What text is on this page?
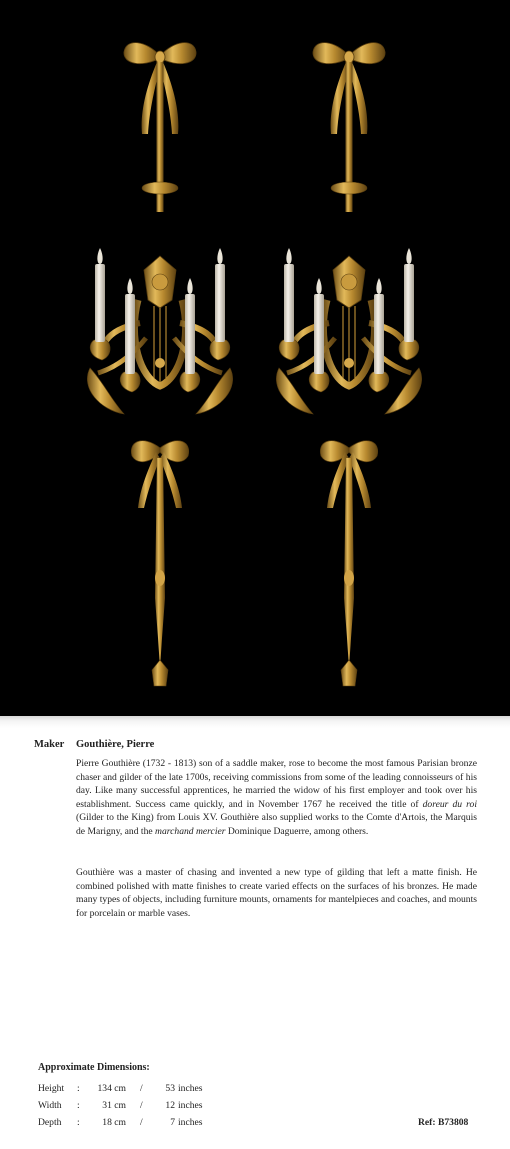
Maker Gouthière, Pierre

Pierre Gouthière (1732 - 1813) son of a saddle maker, rose to become the most famous Parisian bronze chaser and gilder of the late 1700s, receiving commissions from some of the leading connoisseurs of his day. Like many successful apprentices, he married the widow of his first employer and took over his establishment. Success came quickly, and in November 1767 he received the title of doreur du roi (Gilder to the King) from Louis XV. Gouthière also supplied works to the Comte d'Artois, the Marquis de Marigny, and the marchand mercier Dominique Daguerre, among others.

Gouthière was a master of chasing and invented a new type of gilding that left a matte finish. He combined polished with matte finishes to create varied effects on the surfaces of his bronzes. He made many types of objects, including furniture mounts, ornaments for mantelpieces and coaches, and mounts for porcelain or marble vases.

Approximate Dimensions:
Height :	134 cm /	53 inches
Width :	31 cm /	12 inches
Depth :	18 cm /	7 inches	Ref: B73808
